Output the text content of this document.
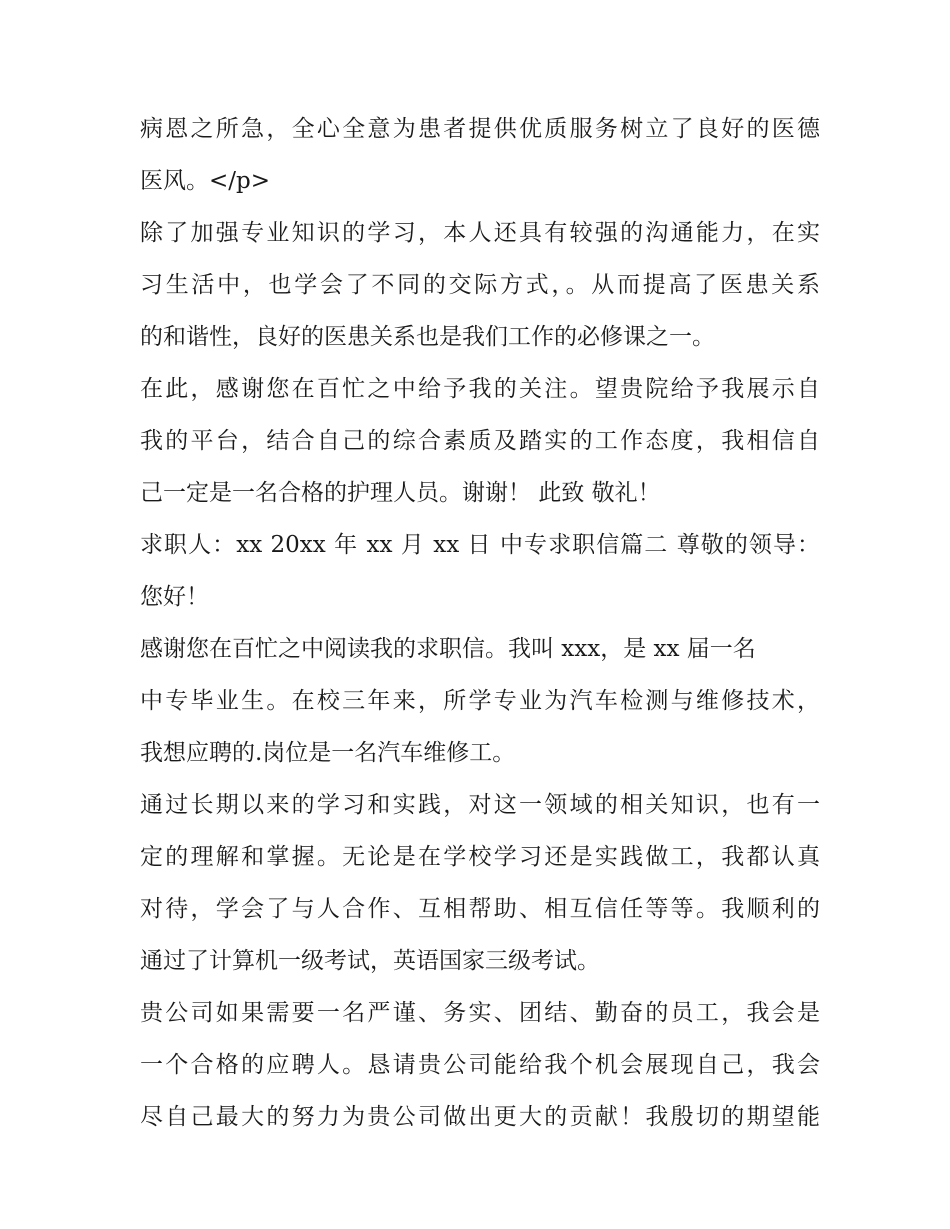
病恩之所急，全心全意为患者提供优质服务树立了良好的医德
医风。</p>
除了加强专业知识的学习，本人还具有较强的沟通能力，在实
习生活中，也学会了不同的交际方式，。从而提高了医患关系
的和谐性，良好的医患关系也是我们工作的必修课之一。
在此，感谢您在百忙之中给予我的关注。望贵院给予我展示自
我的平台，结合自己的综合素质及踏实的工作态度，我相信自
己一定是一名合格的护理人员。谢谢！ 此致 敬礼！
求职人：xx 20xx 年 xx 月 xx 日 中专求职信篇二 尊敬的领导：
您好！
感谢您在百忙之中阅读我的求职信。我叫 xxx，是 xx 届一名
中专毕业生。在校三年来，所学专业为汽车检测与维修技术，
我想应聘的.岗位是一名汽车维修工。
通过长期以来的学习和实践，对这一领域的相关知识，也有一
定的理解和掌握。无论是在学校学习还是实践做工，我都认真
对待，学会了与人合作、互相帮助、相互信任等等。我顺利的
通过了计算机一级考试，英语国家三级考试。
贵公司如果需要一名严谨、务实、团结、勤奋的员工，我会是
一个合格的应聘人。恳请贵公司能给我个机会展现自己，我会
尽自己最大的努力为贵公司做出更大的贡献！我殷切的期望能
